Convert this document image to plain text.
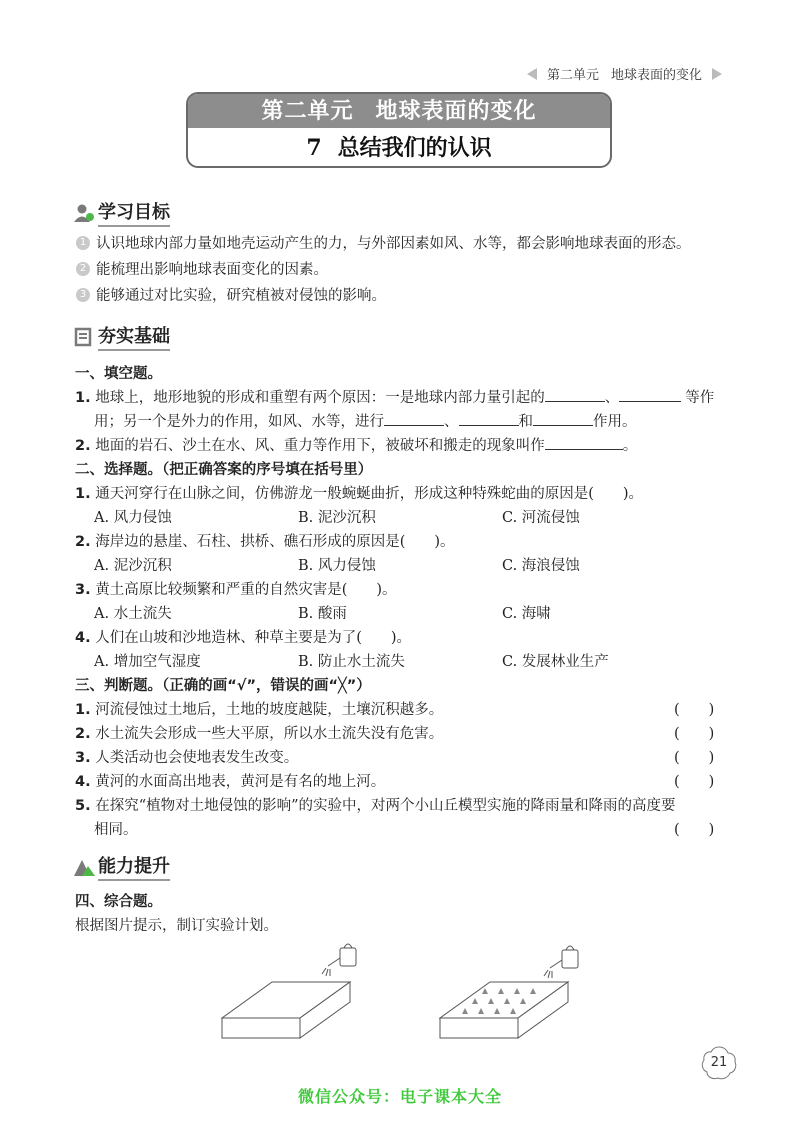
第二单元 地球表面的变化
第二单元 地球表面的变化
7 总结我们的认识
学习目标
1 认识地球内部力量如地壳运动产生的力，与外部因素如风、水等，都会影响地球表面的形态。
2 能梳理出影响地球表面变化的因素。
3 能够通过对比实验，研究植被对侵蚀的影响。
夯实基础
一、填空题。
1. 地球上，地形地貌的形成和重塑有两个原因：一是地球内部力量引起的	、	等作
用；另一个是外力的作用，如风、水等，进行	、	和	作用。
2. 地面的岩石、沙土在水、风、重力等作用下，被破坏和搬走的现象叫作	。
二、选择题。（把正确答案的序号填在括号里）
1. 通天河穿行在山脉之间，仿佛游龙一般蜿蜒曲折，形成这种特殊蛇曲的原因是(　　)。
A. 风力侵蚀	B. 泥沙沉积	C. 河流侵蚀
2. 海岸边的悬崖、石柱、拱桥、礁石形成的原因是(　　)。
A. 泥沙沉积	B. 风力侵蚀	C. 海浪侵蚀
3. 黄土高原比较频繁和严重的自然灾害是(　　)。
A. 水土流失	B. 酸雨	C. 海啸
4. 人们在山坡和沙地造林、种草主要是为了(　　)。
A. 增加空气湿度	B. 防止水土流失	C. 发展林业生产
三、判断题。（正确的画“√”，错误的画“╳”）
1. 河流侵蚀过土地后，土地的坡度越陡，土壤沉积越多。	(　　)
2. 水土流失会形成一些大平原，所以水土流失没有危害。	(　　)
3. 人类活动也会使地表发生改变。	(　　)
4. 黄河的水面高出地表，黄河是有名的地上河。	(　　)
5. 在探究“植物对土地侵蚀的影响”的实验中，对两个小山丘模型实施的降雨量和降雨的高度要
相同。	(　　)
能力提升
四、综合题。
根据图片提示，制订实验计划。
21
微信公众号：电子课本大全
